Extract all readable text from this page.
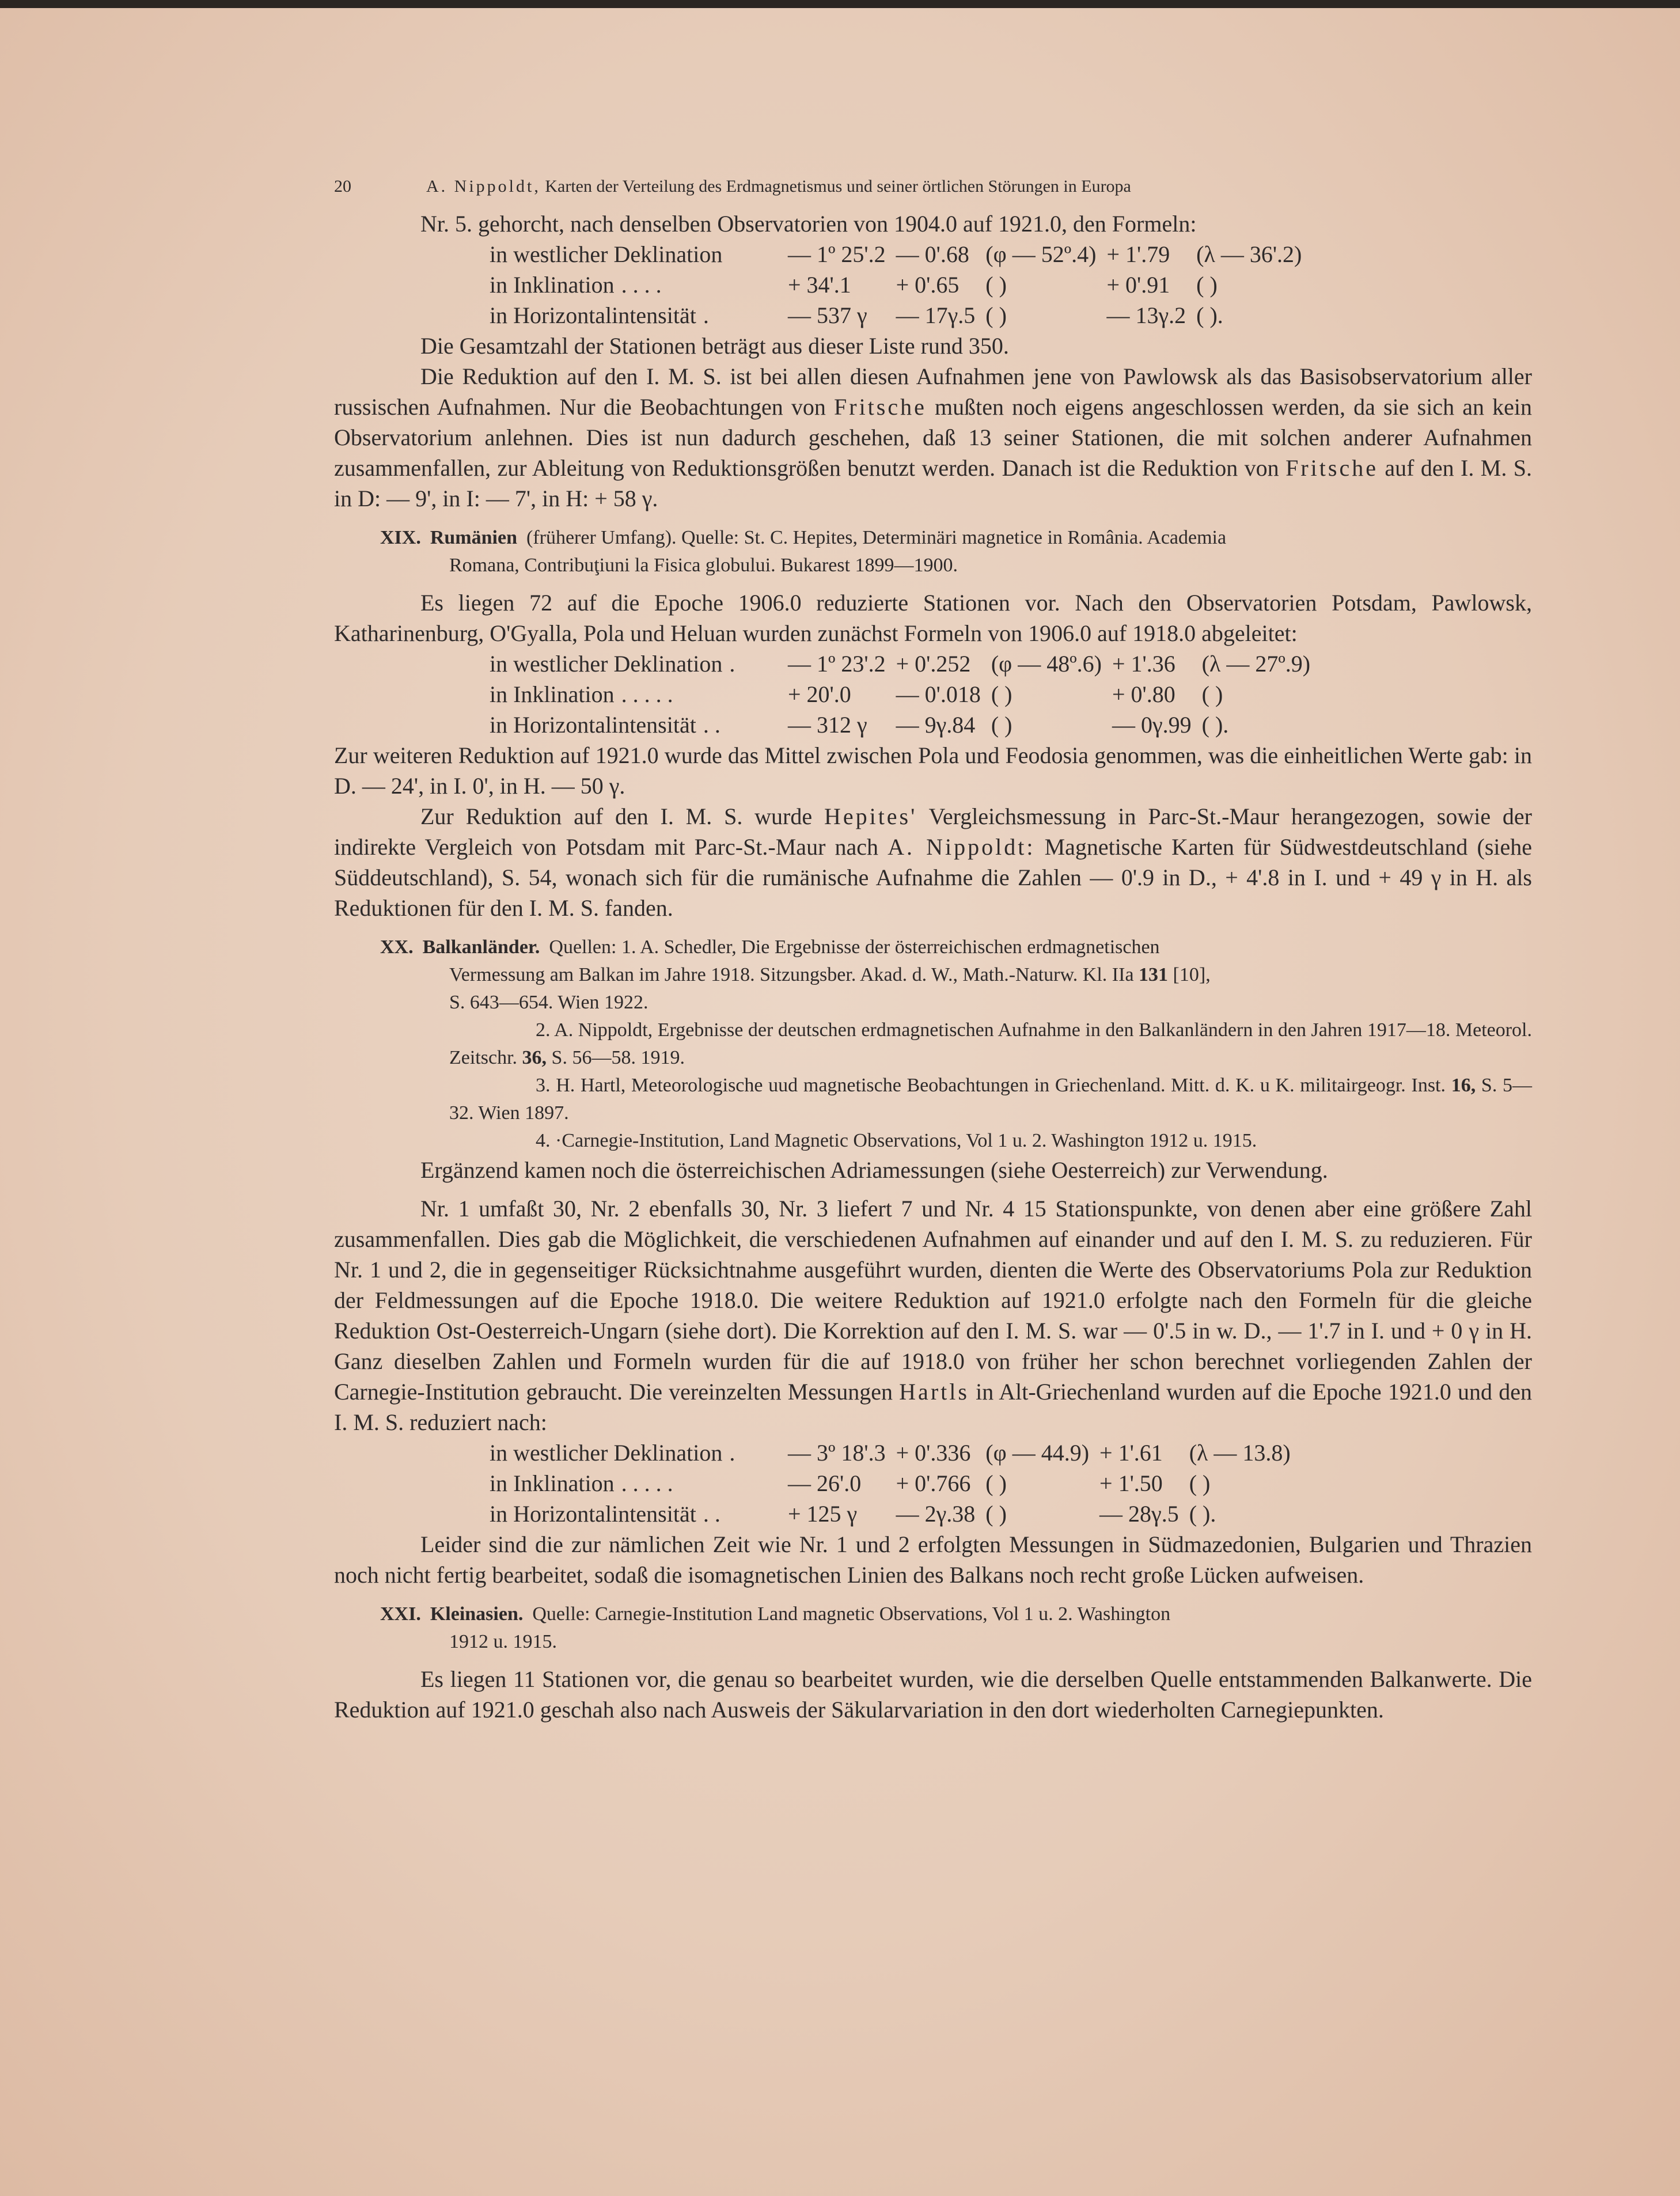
20	A. Nippoldt, Karten der Verteilung des Erdmagnetismus und seiner örtlichen Störungen in Europa

Nr. 5. gehorcht, nach denselben Observatorien von 1904.0 auf 1921.0, den Formeln:

in westlicher Deklination	— 1º 25'.2	— 0'.68	(φ — 52º.4)	+ 1'.79	(λ — 36'.2)
in Inklination . . . .	+ 34'.1	+ 0'.65	( )	+ 0'.91	( )
in Horizontalintensität .	— 537 γ	— 17γ.5	( )	— 13γ.2	( ).

Die Gesamtzahl der Stationen beträgt aus dieser Liste rund 350.

Die Reduktion auf den I. M. S. ist bei allen diesen Aufnahmen jene von Pawlowsk als das Basisobservatorium aller russischen Aufnahmen. Nur die Beobachtungen von Fritsche mußten noch eigens angeschlossen werden, da sie sich an kein Observatorium anlehnen. Dies ist nun dadurch geschehen, daß 13 seiner Stationen, die mit solchen anderer Aufnahmen zusammenfallen, zur Ableitung von Reduktionsgrößen benutzt werden. Danach ist die Reduktion von Fritsche auf den I. M. S. in D: — 9', in I: — 7', in H: + 58 γ.

XIX. Rumänien (früherer Umfang). Quelle: St. C. Hepites, Determinäri magnetice in România. Academia
Romana, Contribuţiuni la Fisica globului. Bukarest 1899—1900.

Es liegen 72 auf die Epoche 1906.0 reduzierte Stationen vor. Nach den Observatorien Potsdam, Pawlowsk, Katharinenburg, O'Gyalla, Pola und Heluan wurden zunächst Formeln von 1906.0 auf 1918.0 abgeleitet:

in westlicher Deklination .	— 1º 23'.2	+ 0'.252	(φ — 48º.6)	+ 1'.36	(λ — 27º.9)
in Inklination . . . . .	+ 20'.0	— 0'.018	( )	+ 0'.80	( )
in Horizontalintensität . .	— 312 γ	— 9γ.84	( )	— 0γ.99	( ).

Zur weiteren Reduktion auf 1921.0 wurde das Mittel zwischen Pola und Feodosia genommen, was die einheitlichen Werte gab: in D. — 24', in I. 0', in H. — 50 γ.

Zur Reduktion auf den I. M. S. wurde Hepites' Vergleichsmessung in Parc-St.-Maur herangezogen, sowie der indirekte Vergleich von Potsdam mit Parc-St.-Maur nach A. Nippoldt: Magnetische Karten für Südwestdeutschland (siehe Süddeutschland), S. 54, wonach sich für die rumänische Aufnahme die Zahlen — 0'.9 in D., + 4'.8 in I. und + 49 γ in H. als Reduktionen für den I. M. S. fanden.

XX. Balkanländer. Quellen: 1. A. Schedler, Die Ergebnisse der österreichischen erdmagnetischen
Vermessung am Balkan im Jahre 1918. Sitzungsber. Akad. d. W., Math.-Naturw. Kl. IIa 131 [10],
S. 643—654. Wien 1922.
2. A. Nippoldt, Ergebnisse der deutschen erdmagnetischen Aufnahme in den Balkanländern in den Jahren 1917—18. Meteorol. Zeitschr. 36, S. 56—58. 1919.
3. H. Hartl, Meteorologische uud magnetische Beobachtungen in Griechenland. Mitt. d. K. u K. militairgeogr. Inst. 16, S. 5—32. Wien 1897.
4. ·Carnegie-Institution, Land Magnetic Observations, Vol 1 u. 2. Washington 1912 u. 1915.

Ergänzend kamen noch die österreichischen Adriamessungen (siehe Oesterreich) zur Verwendung.

Nr. 1 umfaßt 30, Nr. 2 ebenfalls 30, Nr. 3 liefert 7 und Nr. 4 15 Stationspunkte, von denen aber eine größere Zahl zusammenfallen. Dies gab die Möglichkeit, die verschiedenen Aufnahmen auf einander und auf den I. M. S. zu reduzieren. Für Nr. 1 und 2, die in gegenseitiger Rücksichtnahme ausgeführt wurden, dienten die Werte des Observatoriums Pola zur Reduktion der Feldmessungen auf die Epoche 1918.0. Die weitere Reduktion auf 1921.0 erfolgte nach den Formeln für die gleiche Reduktion Ost-Oesterreich-Ungarn (siehe dort). Die Korrektion auf den I. M. S. war — 0'.5 in w. D., — 1'.7 in I. und + 0 γ in H. Ganz dieselben Zahlen und Formeln wurden für die auf 1918.0 von früher her schon berechnet vorliegenden Zahlen der Carnegie-Institution gebraucht. Die vereinzelten Messungen Hartls in Alt-Griechenland wurden auf die Epoche 1921.0 und den I. M. S. reduziert nach:

in westlicher Deklination .	— 3º 18'.3	+ 0'.336	(φ — 44.9)	+ 1'.61	(λ — 13.8)
in Inklination . . . . .	— 26'.0	+ 0'.766	( )	+ 1'.50	( )
in Horizontalintensität . .	+ 125 γ	— 2γ.38	( )	— 28γ.5	( ).

Leider sind die zur nämlichen Zeit wie Nr. 1 und 2 erfolgten Messungen in Südmazedonien, Bulgarien und Thrazien noch nicht fertig bearbeitet, sodaß die isomagnetischen Linien des Balkans noch recht große Lücken aufweisen.

XXI. Kleinasien. Quelle: Carnegie-Institution Land magnetic Observations, Vol 1 u. 2. Washington
1912 u. 1915.

Es liegen 11 Stationen vor, die genau so bearbeitet wurden, wie die derselben Quelle entstammenden Balkanwerte. Die Reduktion auf 1921.0 geschah also nach Ausweis der Säkularvariation in den dort wiederholten Carnegiepunkten.
